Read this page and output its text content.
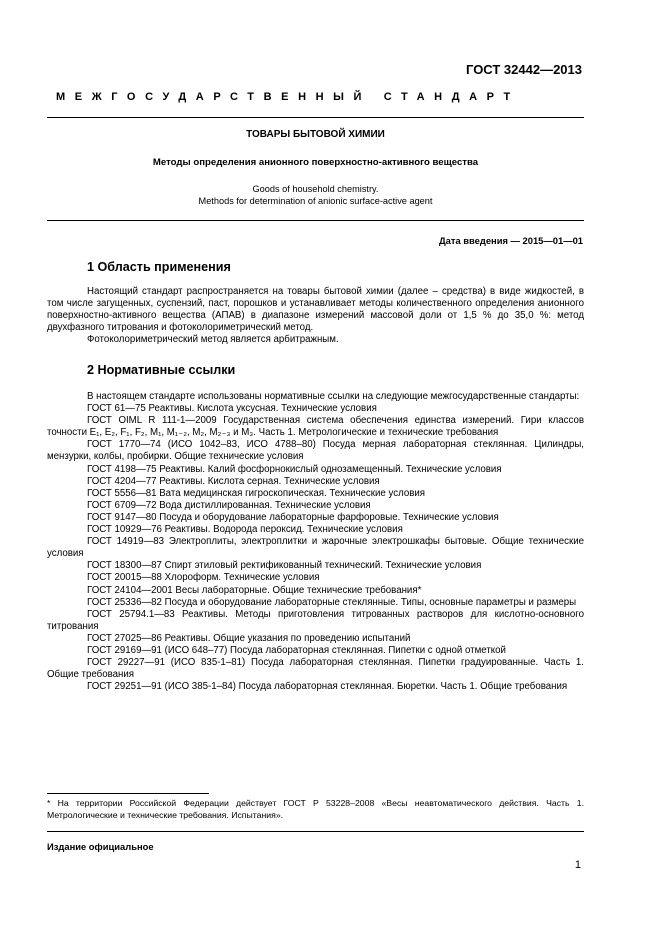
ГОСТ 32442—2013
МЕЖГОСУДАРСТВЕННЫЙ СТАНДАРТ
ТОВАРЫ БЫТОВОЙ ХИМИИ
Методы определения анионного поверхностно-активного вещества
Goods of household chemistry.
Methods for determination of anionic surface-active agent
Дата введения — 2015—01—01
1 Область применения

Настоящий стандарт распространяется на товары бытовой химии (далее – средства) в виде жидкостей, в том числе загущенных, суспензий, паст, порошков и устанавливает методы количественного определения анионного поверхностно-активного вещества (АПАВ) в диапазоне измерений массовой доли от 1,5 % до 35,0 %: метод двухфазного титрования и фотоколориметрический метод.

Фотоколориметрический метод является арбитражным.

2 Нормативные ссылки

В настоящем стандарте использованы нормативные ссылки на следующие межгосударственные стандарты:

ГОСТ 61—75 Реактивы. Кислота уксусная. Технические условия

ГОСТ OIML R 111-1—2009 Государственная система обеспечения единства измерений. Гири классов точности E₁, E₂, F₁, F₂, M₁, M₁₋₂, M₂, M₂₋₃ и M₃. Часть 1. Метрологические и технические требования

ГОСТ 1770—74 (ИСО 1042–83, ИСО 4788–80) Посуда мерная лабораторная стеклянная. Цилиндры, мензурки, колбы, пробирки. Общие технические условия

ГОСТ 4198—75 Реактивы. Калий фосфорнокислый однозамещенный. Технические условия

ГОСТ 4204—77 Реактивы. Кислота серная. Технические условия

ГОСТ 5556—81 Вата медицинская гигроскопическая. Технические условия

ГОСТ 6709—72 Вода дистиллированная. Технические условия

ГОСТ 9147—80 Посуда и оборудование лабораторные фарфоровые. Технические условия

ГОСТ 10929—76 Реактивы. Водорода пероксид. Технические условия

ГОСТ 14919—83 Электроплиты, электроплитки и жарочные электрошкафы бытовые. Общие технические условия

ГОСТ 18300—87 Спирт этиловый ректификованный технический. Технические условия

ГОСТ 20015—88 Хлороформ. Технические условия

ГОСТ 24104—2001 Весы лабораторные. Общие технические требования*

ГОСТ 25336—82 Посуда и оборудование лабораторные стеклянные. Типы, основные параметры и размеры

ГОСТ 25794.1—83 Реактивы. Методы приготовления титрованных растворов для кислотно-основного титрования

ГОСТ 27025—86 Реактивы. Общие указания по проведению испытаний

ГОСТ 29169—91 (ИСО 648–77) Посуда лабораторная стеклянная. Пипетки с одной отметкой

ГОСТ 29227—91 (ИСО 835-1–81) Посуда лабораторная стеклянная. Пипетки градуированные. Часть 1. Общие требования

ГОСТ 29251—91 (ИСО 385-1–84) Посуда лабораторная стеклянная. Бюретки. Часть 1. Общие требования

* На территории Российской Федерации действует ГОСТ Р 53228–2008 «Весы неавтоматического действия. Часть 1. Метрологические и технические требования. Испытания».
Издание официальное
1
